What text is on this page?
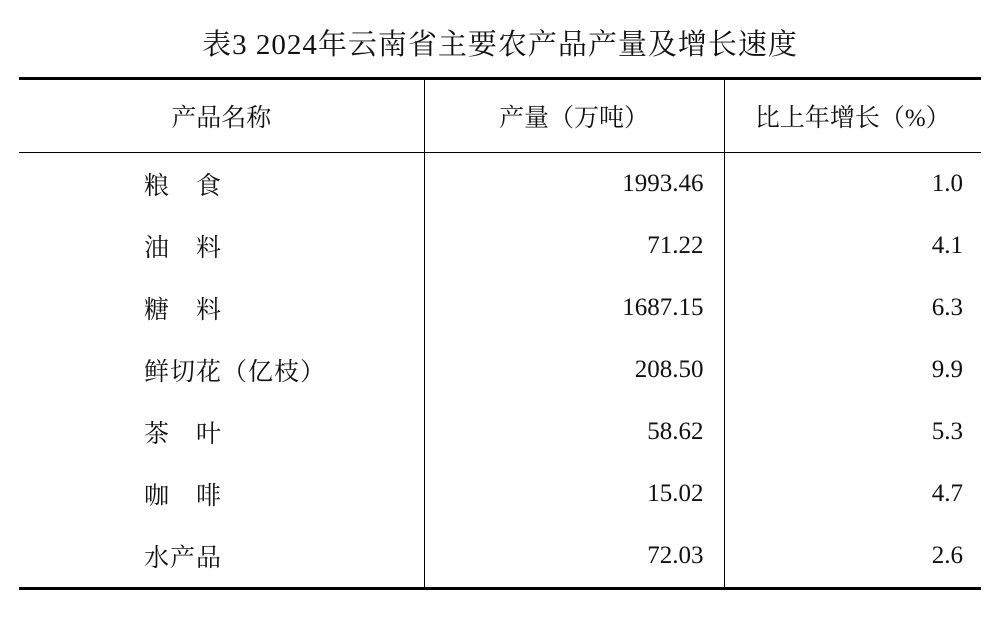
表3 2024年云南省主要农产品产量及增长速度
产品名称	产量（万吨）	比上年增长（%）
粮　食	1993.46	1.0
油　料	71.22	4.1
糖　料	1687.15	6.3
鲜切花（亿枝）	208.50	9.9
茶　叶	58.62	5.3
咖　啡	15.02	4.7
水产品	72.03	2.6
